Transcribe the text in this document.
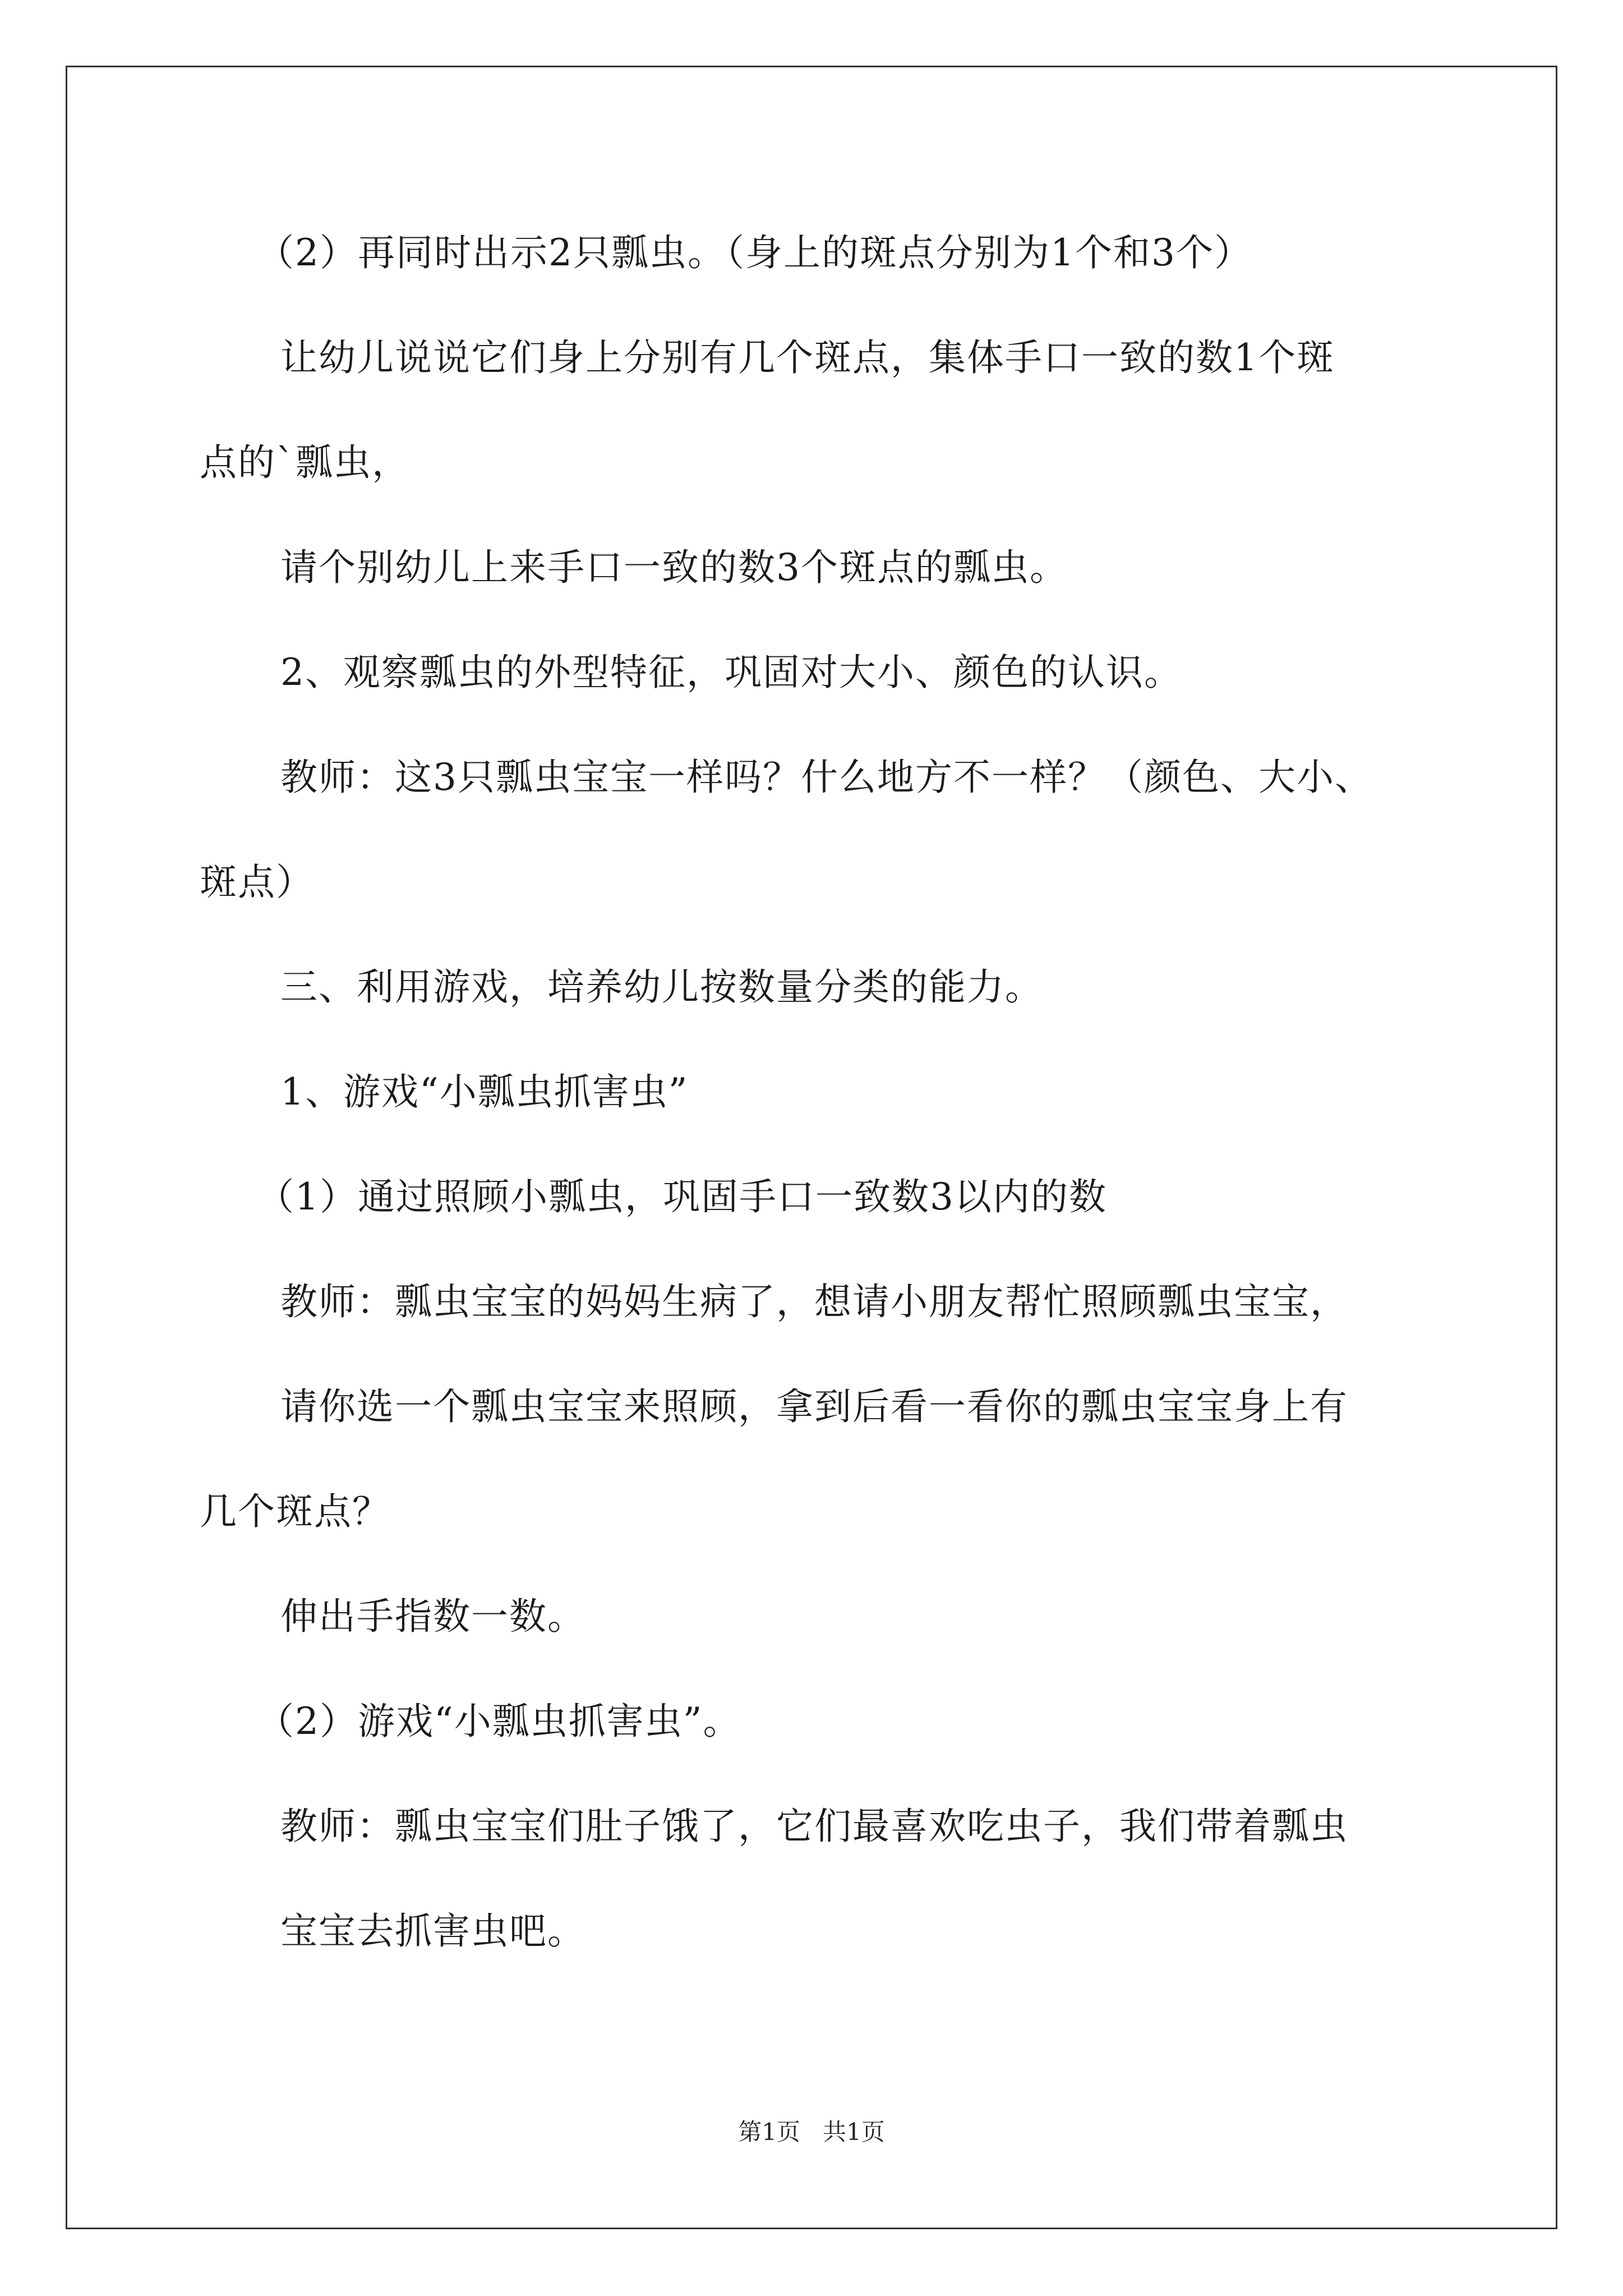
（2）再同时出示2只瓢虫。（身上的斑点分别为1个和3个）
让幼儿说说它们身上分别有几个斑点，集体手口一致的数1个斑
点的`瓢虫，
请个别幼儿上来手口一致的数3个斑点的瓢虫。
2、观察瓢虫的外型特征，巩固对大小、颜色的认识。
教师：这3只瓢虫宝宝一样吗？什么地方不一样？（颜色、大小、
斑点）
三、利用游戏，培养幼儿按数量分类的能力。
1、游戏“小瓢虫抓害虫”
（1）通过照顾小瓢虫，巩固手口一致数3以内的数
教师：瓢虫宝宝的妈妈生病了，想请小朋友帮忙照顾瓢虫宝宝，
请你选一个瓢虫宝宝来照顾，拿到后看一看你的瓢虫宝宝身上有
几个斑点？
伸出手指数一数。
（2）游戏“小瓢虫抓害虫”。
教师：瓢虫宝宝们肚子饿了，它们最喜欢吃虫子，我们带着瓢虫
宝宝去抓害虫吧。
第1页   共1页
